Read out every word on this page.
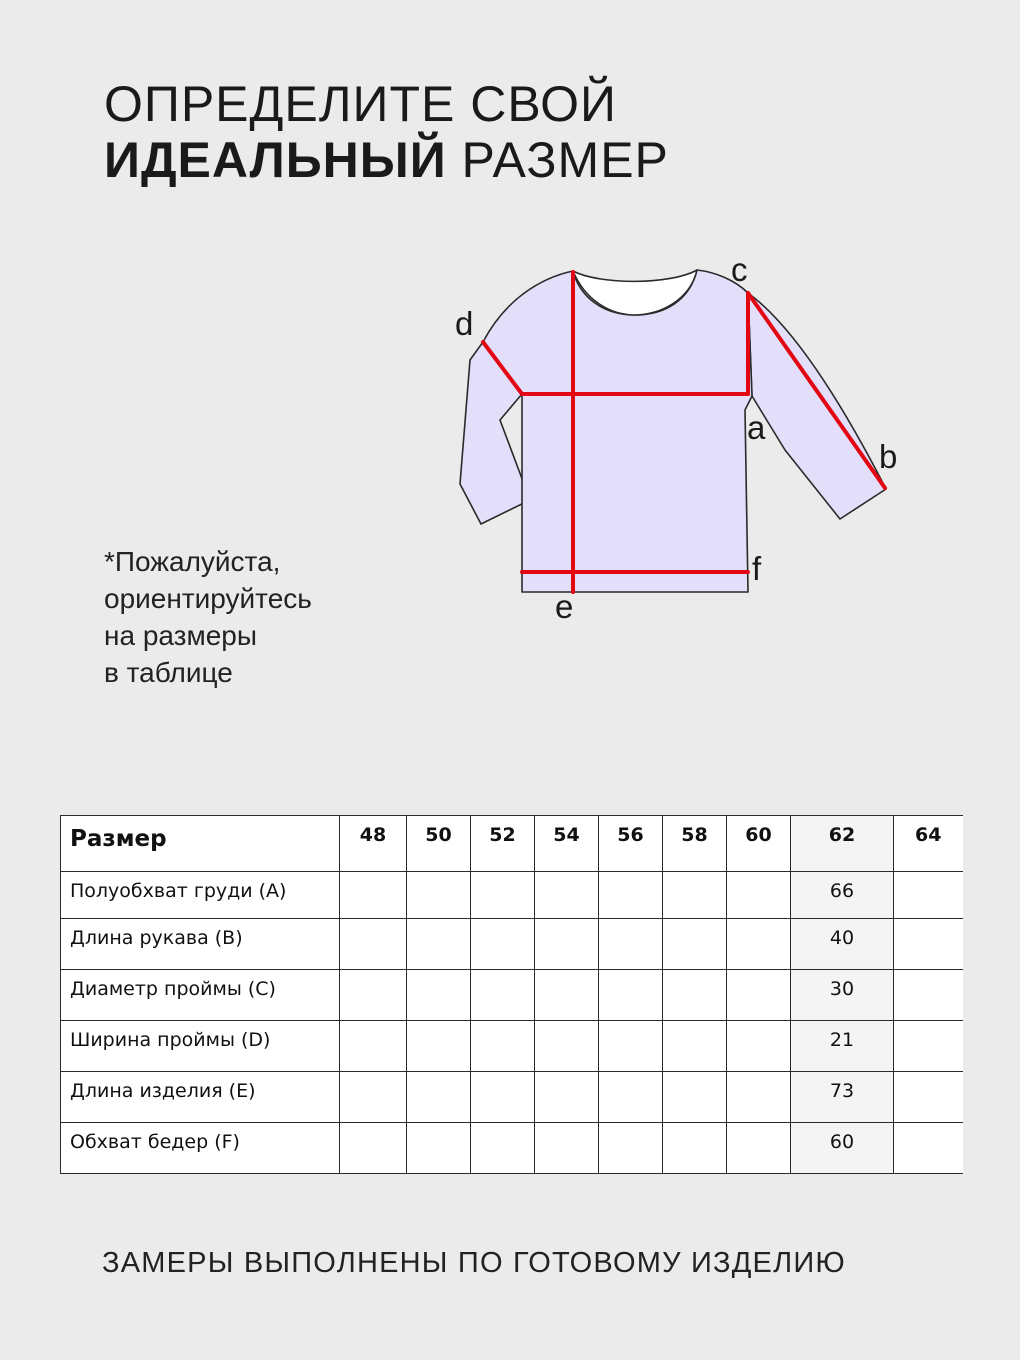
ОПРЕДЕЛИТЕ СВОЙ
ИДЕАЛЬНЫЙ РАЗМЕР
*Пожалуйста,
ориентируйтесь
на размеры
в таблице
a
b
c
d
e
f
Размер	48	50	52	54	56	58	60	62	64
Полуобхват груди (A)								66	
Длина рукава (B)								40	
Диаметр проймы (C)								30	
Ширина проймы (D)								21	
Длина изделия (E)								73	
Обхват бедер (F)								60	
ЗАМЕРЫ ВЫПОЛНЕНЫ ПО ГОТОВОМУ ИЗДЕЛИЮ
